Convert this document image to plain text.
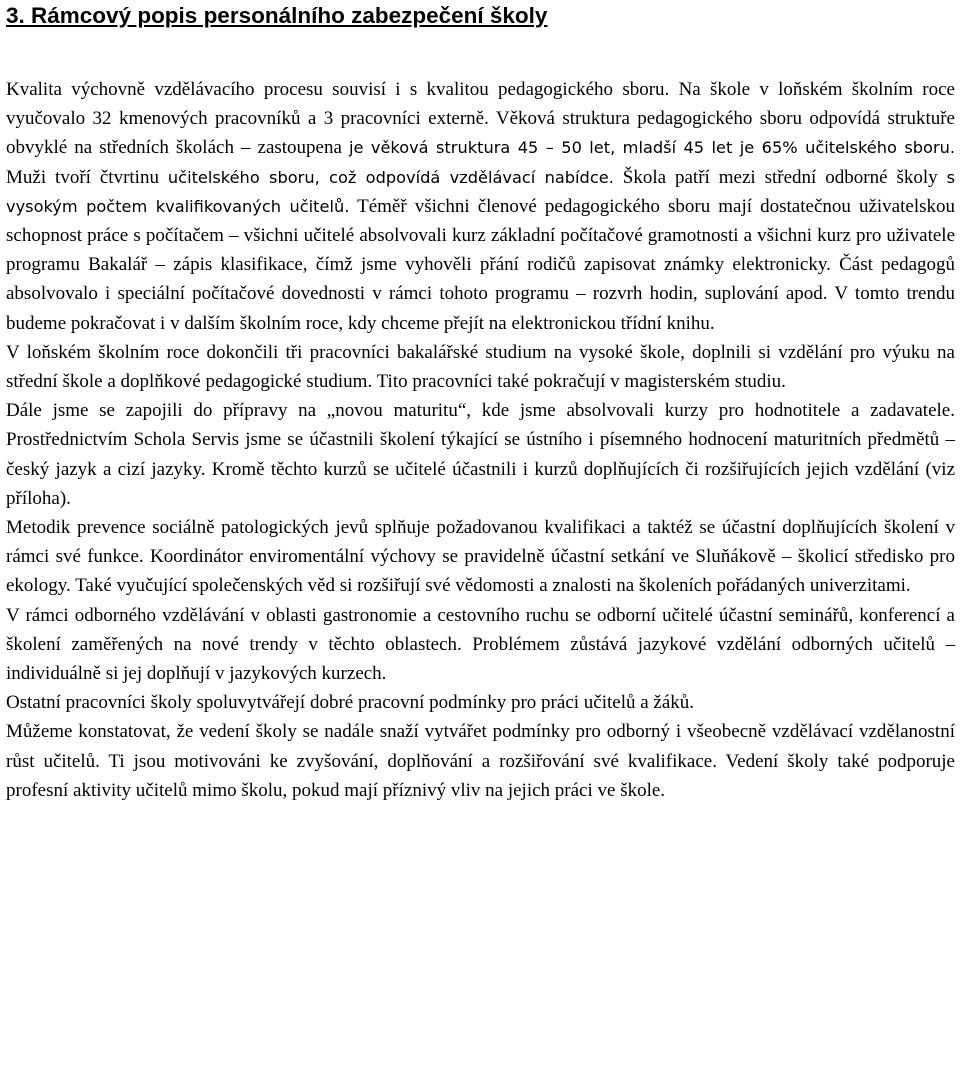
3. Rámcový popis personálního zabezpečení školy

Kvalita výchovně vzdělávacího procesu souvisí i s kvalitou pedagogického sboru. Na škole v loňském školním roce vyučovalo 32 kmenových pracovníků a 3 pracovníci externě. Věková struktura pedagogického sboru odpovídá struktuře obvyklé na středních školách – zastoupena je věková struktura 45 – 50 let, mladší 45 let je 65% učitelského sboru. Muži tvoří čtvrtinu učitelského sboru, což odpovídá vzdělávací nabídce. Škola patří mezi střední odborné školy s vysokým počtem kvalifikovaných učitelů. Téměř všichni členové pedagogického sboru mají dostatečnou uživatelskou schopnost práce s počítačem – všichni učitelé absolvovali kurz základní počítačové gramotnosti a všichni kurz pro uživatele programu Bakalář – zápis klasifikace, čímž jsme vyhověli přání rodičů zapisovat známky elektronicky. Část pedagogů absolvovalo i speciální počítačové dovednosti v rámci tohoto programu – rozvrh hodin, suplování apod. V tomto trendu budeme pokračovat i v dalším školním roce, kdy chceme přejít na elektronickou třídní knihu.

V loňském školním roce dokončili tři pracovníci bakalářské studium na vysoké škole, doplnili si vzdělání pro výuku na střední škole a doplňkové pedagogické studium. Tito pracovníci také pokračují v magisterském studiu.

Dále jsme se zapojili do přípravy na „novou maturitu“, kde jsme absolvovali kurzy pro hodnotitele a zadavatele. Prostřednictvím Schola Servis jsme se účastnili školení týkající se ústního i písemného hodnocení maturitních předmětů – český jazyk a cizí jazyky. Kromě těchto kurzů se učitelé účastnili i kurzů doplňujících či rozšiřujících jejich vzdělání (viz příloha).

Metodik prevence sociálně patologických jevů splňuje požadovanou kvalifikaci a taktéž se účastní doplňujících školení v rámci své funkce. Koordinátor enviromentální výchovy se pravidelně účastní setkání ve Sluňákově – školicí středisko pro ekology. Také vyučující společenských věd si rozšiřují své vědomosti a znalosti na školeních pořádaných univerzitami.

V rámci odborného vzdělávání v oblasti gastronomie a cestovního ruchu se odborní učitelé účastní seminářů, konferencí a školení zaměřených na nové trendy v těchto oblastech. Problémem zůstává jazykové vzdělání odborných učitelů – individuálně si jej doplňují v jazykových kurzech.

Ostatní pracovníci školy spoluvytvářejí dobré pracovní podmínky pro práci učitelů a žáků.

Můžeme konstatovat, že vedení školy se nadále snaží vytvářet podmínky pro odborný i všeobecně vzdělávací vzdělanostní růst učitelů. Ti jsou motivováni ke zvyšování, doplňování a rozšiřování své kvalifikace. Vedení školy také podporuje profesní aktivity učitelů mimo školu, pokud mají příznivý vliv na jejich práci ve škole.
